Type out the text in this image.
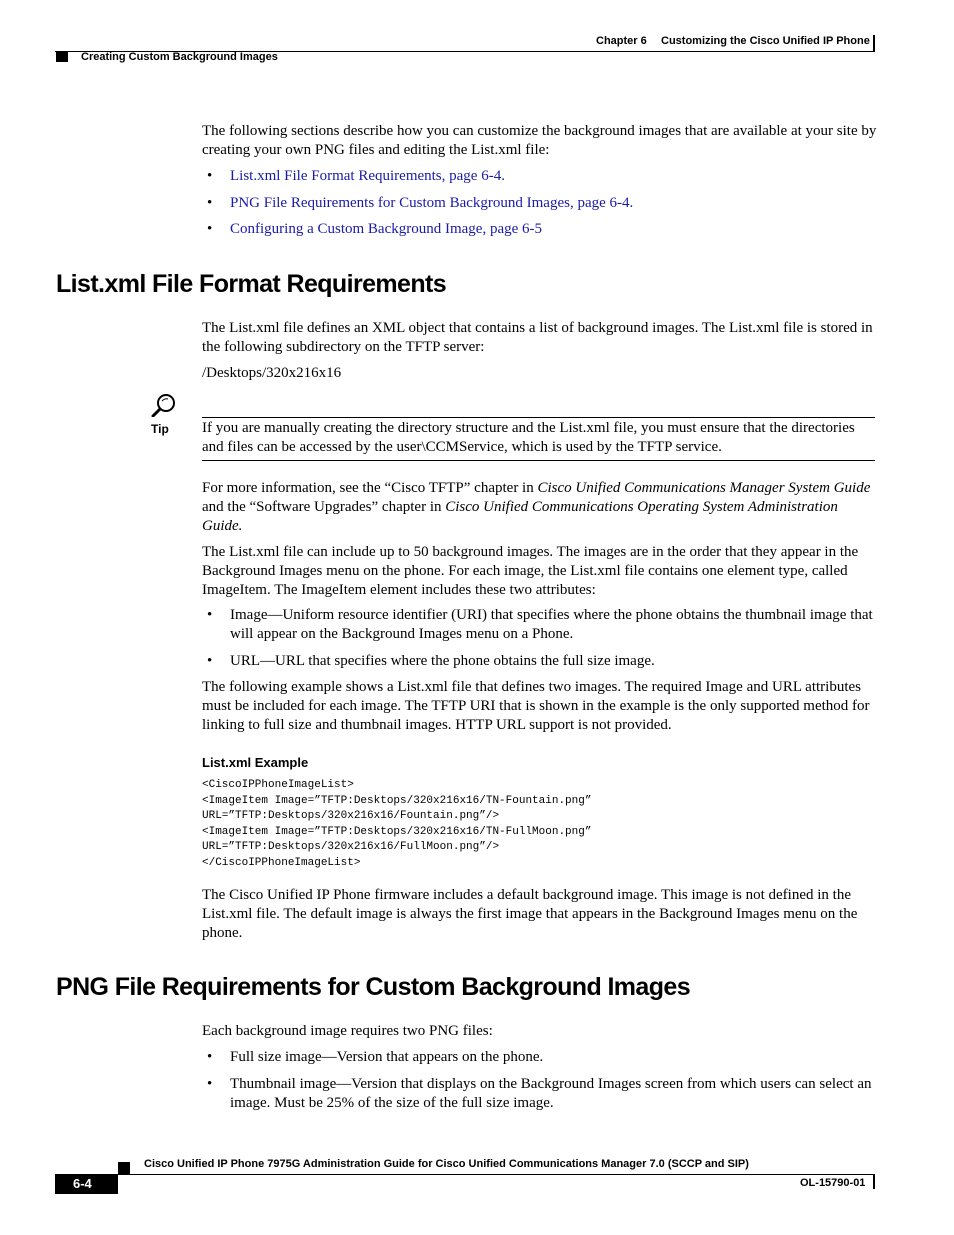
Chapter 6 Customizing the Cisco Unified IP Phone
Creating Custom Background Images
The following sections describe how you can customize the background images that are available at your site by creating your own PNG files and editing the List.xml file:
• List.xml File Format Requirements, page 6-4.
• PNG File Requirements for Custom Background Images, page 6-4.
• Configuring a Custom Background Image, page 6-5
List.xml File Format Requirements
The List.xml file defines an XML object that contains a list of background images. The List.xml file is stored in the following subdirectory on the TFTP server:
/Desktops/320x216x16
Tip If you are manually creating the directory structure and the List.xml file, you must ensure that the directories and files can be accessed by the user\CCMService, which is used by the TFTP service.
For more information, see the “Cisco TFTP” chapter in Cisco Unified Communications Manager System Guide and the “Software Upgrades” chapter in Cisco Unified Communications Operating System Administration Guide.
The List.xml file can include up to 50 background images. The images are in the order that they appear in the Background Images menu on the phone. For each image, the List.xml file contains one element type, called ImageItem. The ImageItem element includes these two attributes:
• Image—Uniform resource identifier (URI) that specifies where the phone obtains the thumbnail image that will appear on the Background Images menu on a Phone.
• URL—URL that specifies where the phone obtains the full size image.
The following example shows a List.xml file that defines two images. The required Image and URL attributes must be included for each image. The TFTP URI that is shown in the example is the only supported method for linking to full size and thumbnail images. HTTP URL support is not provided.
List.xml Example
<CiscoIPPhoneImageList>
<ImageItem Image=”TFTP:Desktops/320x216x16/TN-Fountain.png”
URL=”TFTP:Desktops/320x216x16/Fountain.png”/>
<ImageItem Image=”TFTP:Desktops/320x216x16/TN-FullMoon.png”
URL=”TFTP:Desktops/320x216x16/FullMoon.png”/>
</CiscoIPPhoneImageList>
The Cisco Unified IP Phone firmware includes a default background image. This image is not defined in the List.xml file. The default image is always the first image that appears in the Background Images menu on the phone.
PNG File Requirements for Custom Background Images
Each background image requires two PNG files:
• Full size image—Version that appears on the phone.
• Thumbnail image—Version that displays on the Background Images screen from which users can select an image. Must be 25% of the size of the full size image.
Cisco Unified IP Phone 7975G Administration Guide for Cisco Unified Communications Manager 7.0 (SCCP and SIP)
6-4	OL-15790-01
